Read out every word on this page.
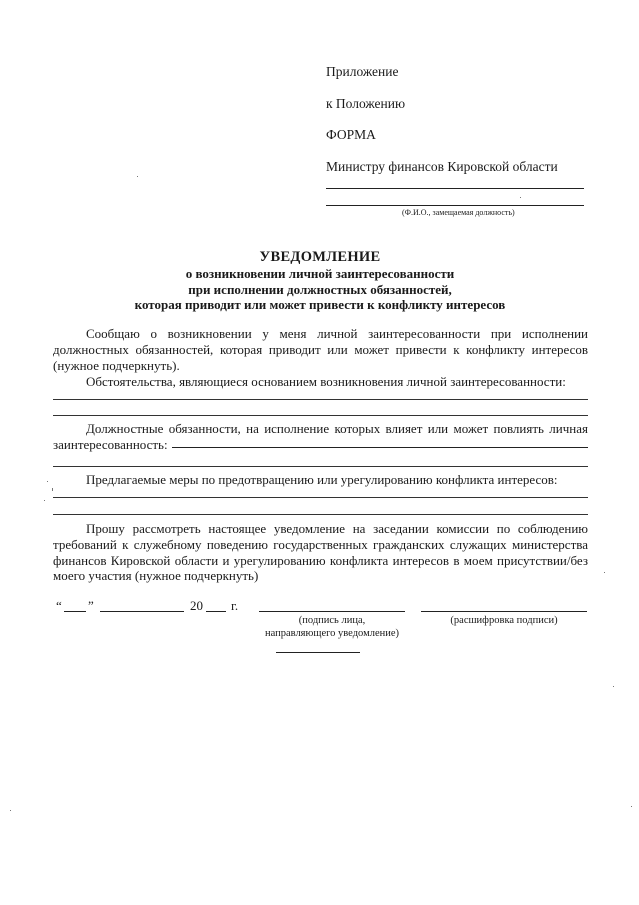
Приложение
к Положению
ФОРМА
Министру финансов Кировской области
(Ф.И.О., замещаемая должность)
УВЕДОМЛЕНИЕ
о возникновении личной заинтересованности
при исполнении должностных обязанностей,
которая приводит или может привести к конфликту интересов

Сообщаю о возникновении у меня личной заинтересованности при исполнении должностных обязанностей, которая приводит или может привести к конфликту интересов (нужное подчеркнуть).

Обстоятельства, являющиеся основанием возникновения личной заинтересованности:

Должностные обязанности, на исполнение которых влияет или может повлиять личная заинтересованность:

Предлагаемые меры по предотвращению или урегулированию конфликта интересов:

Прошу рассмотреть настоящее уведомление на заседании комиссии по соблюдению требований к служебному поведению государственных гражданских служащих министерства финансов Кировской области и урегулированию конфликта интересов в моем присутствии/без моего участия (нужное подчеркнуть)

“ ”	20 г.
(подпись лица,
направляющего уведомление)
(расшифровка подписи)
